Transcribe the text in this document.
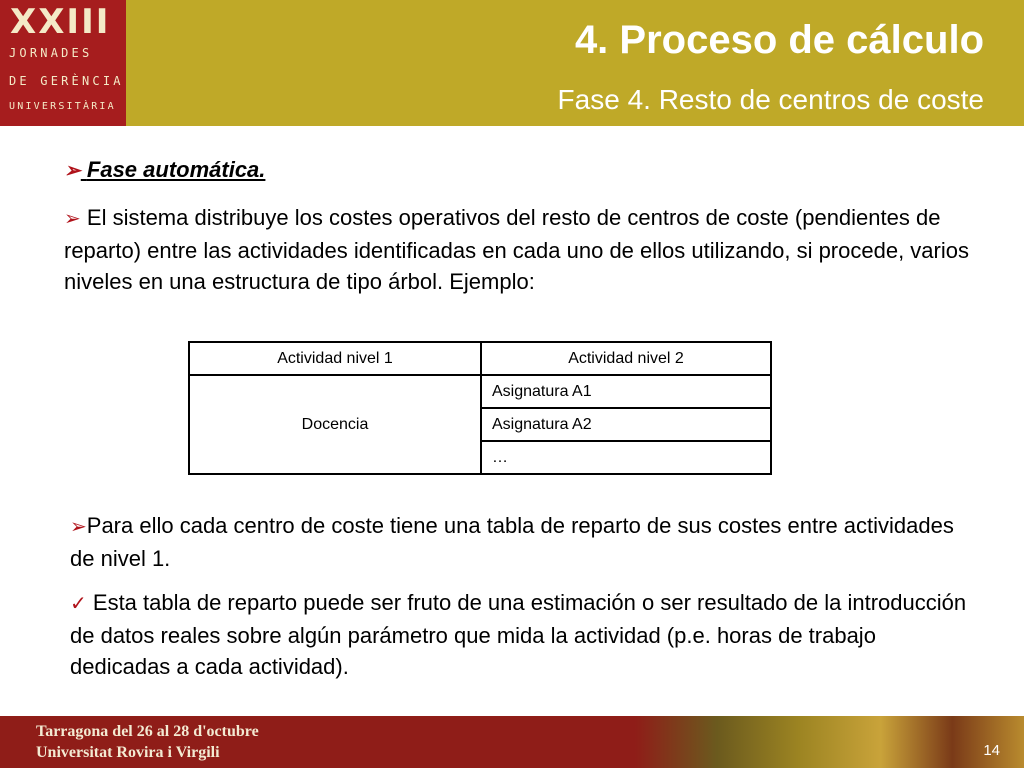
XXIII
JORNADES
DE GERÈNCIA
UNIVERSITÀRIA
4. Proceso de cálculo
Fase 4. Resto de centros de coste
➢ Fase automática.
➢ El sistema distribuye los costes operativos del resto de centros de coste (pendientes de reparto) entre las actividades identificadas en cada uno de ellos utilizando, si procede, varios niveles en una estructura de tipo árbol. Ejemplo:
Actividad nivel 1	Actividad nivel 2
Docencia	Asignatura A1
	Asignatura A2
	…
➢Para ello cada centro de coste tiene una tabla de reparto de sus costes entre actividades de nivel 1.
✓ Esta tabla de reparto puede ser fruto de una estimación o ser resultado de la introducción de datos reales sobre algún parámetro que mida la actividad (p.e. horas de trabajo dedicadas a cada actividad).
Tarragona del 26 al 28 d'octubre
Universitat Rovira i Virgili	14
